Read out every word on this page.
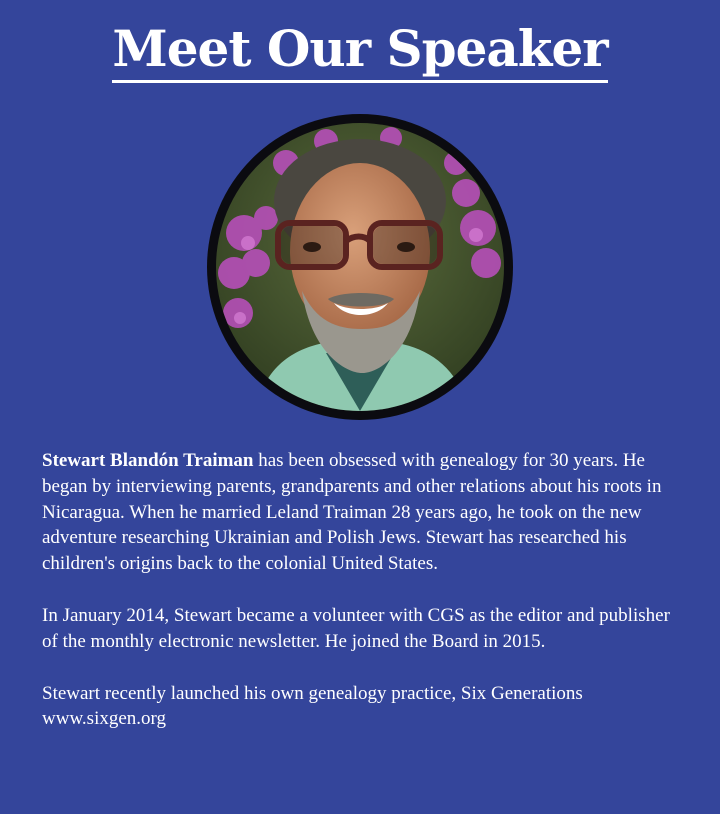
Meet Our Speaker

Stewart Blandón Traiman has been obsessed with genealogy for 30 years. He began by interviewing parents, grandparents and other relations about his roots in Nicaragua. When he married Leland Traiman 28 years ago, he took on the new adventure researching Ukrainian and Polish Jews. Stewart has researched his children's origins back to the colonial United States.

In January 2014, Stewart became a volunteer with CGS as the editor and publisher of the monthly electronic newsletter. He joined the Board in 2015.

Stewart recently launched his own genealogy practice, Six Generations
www.sixgen.org
